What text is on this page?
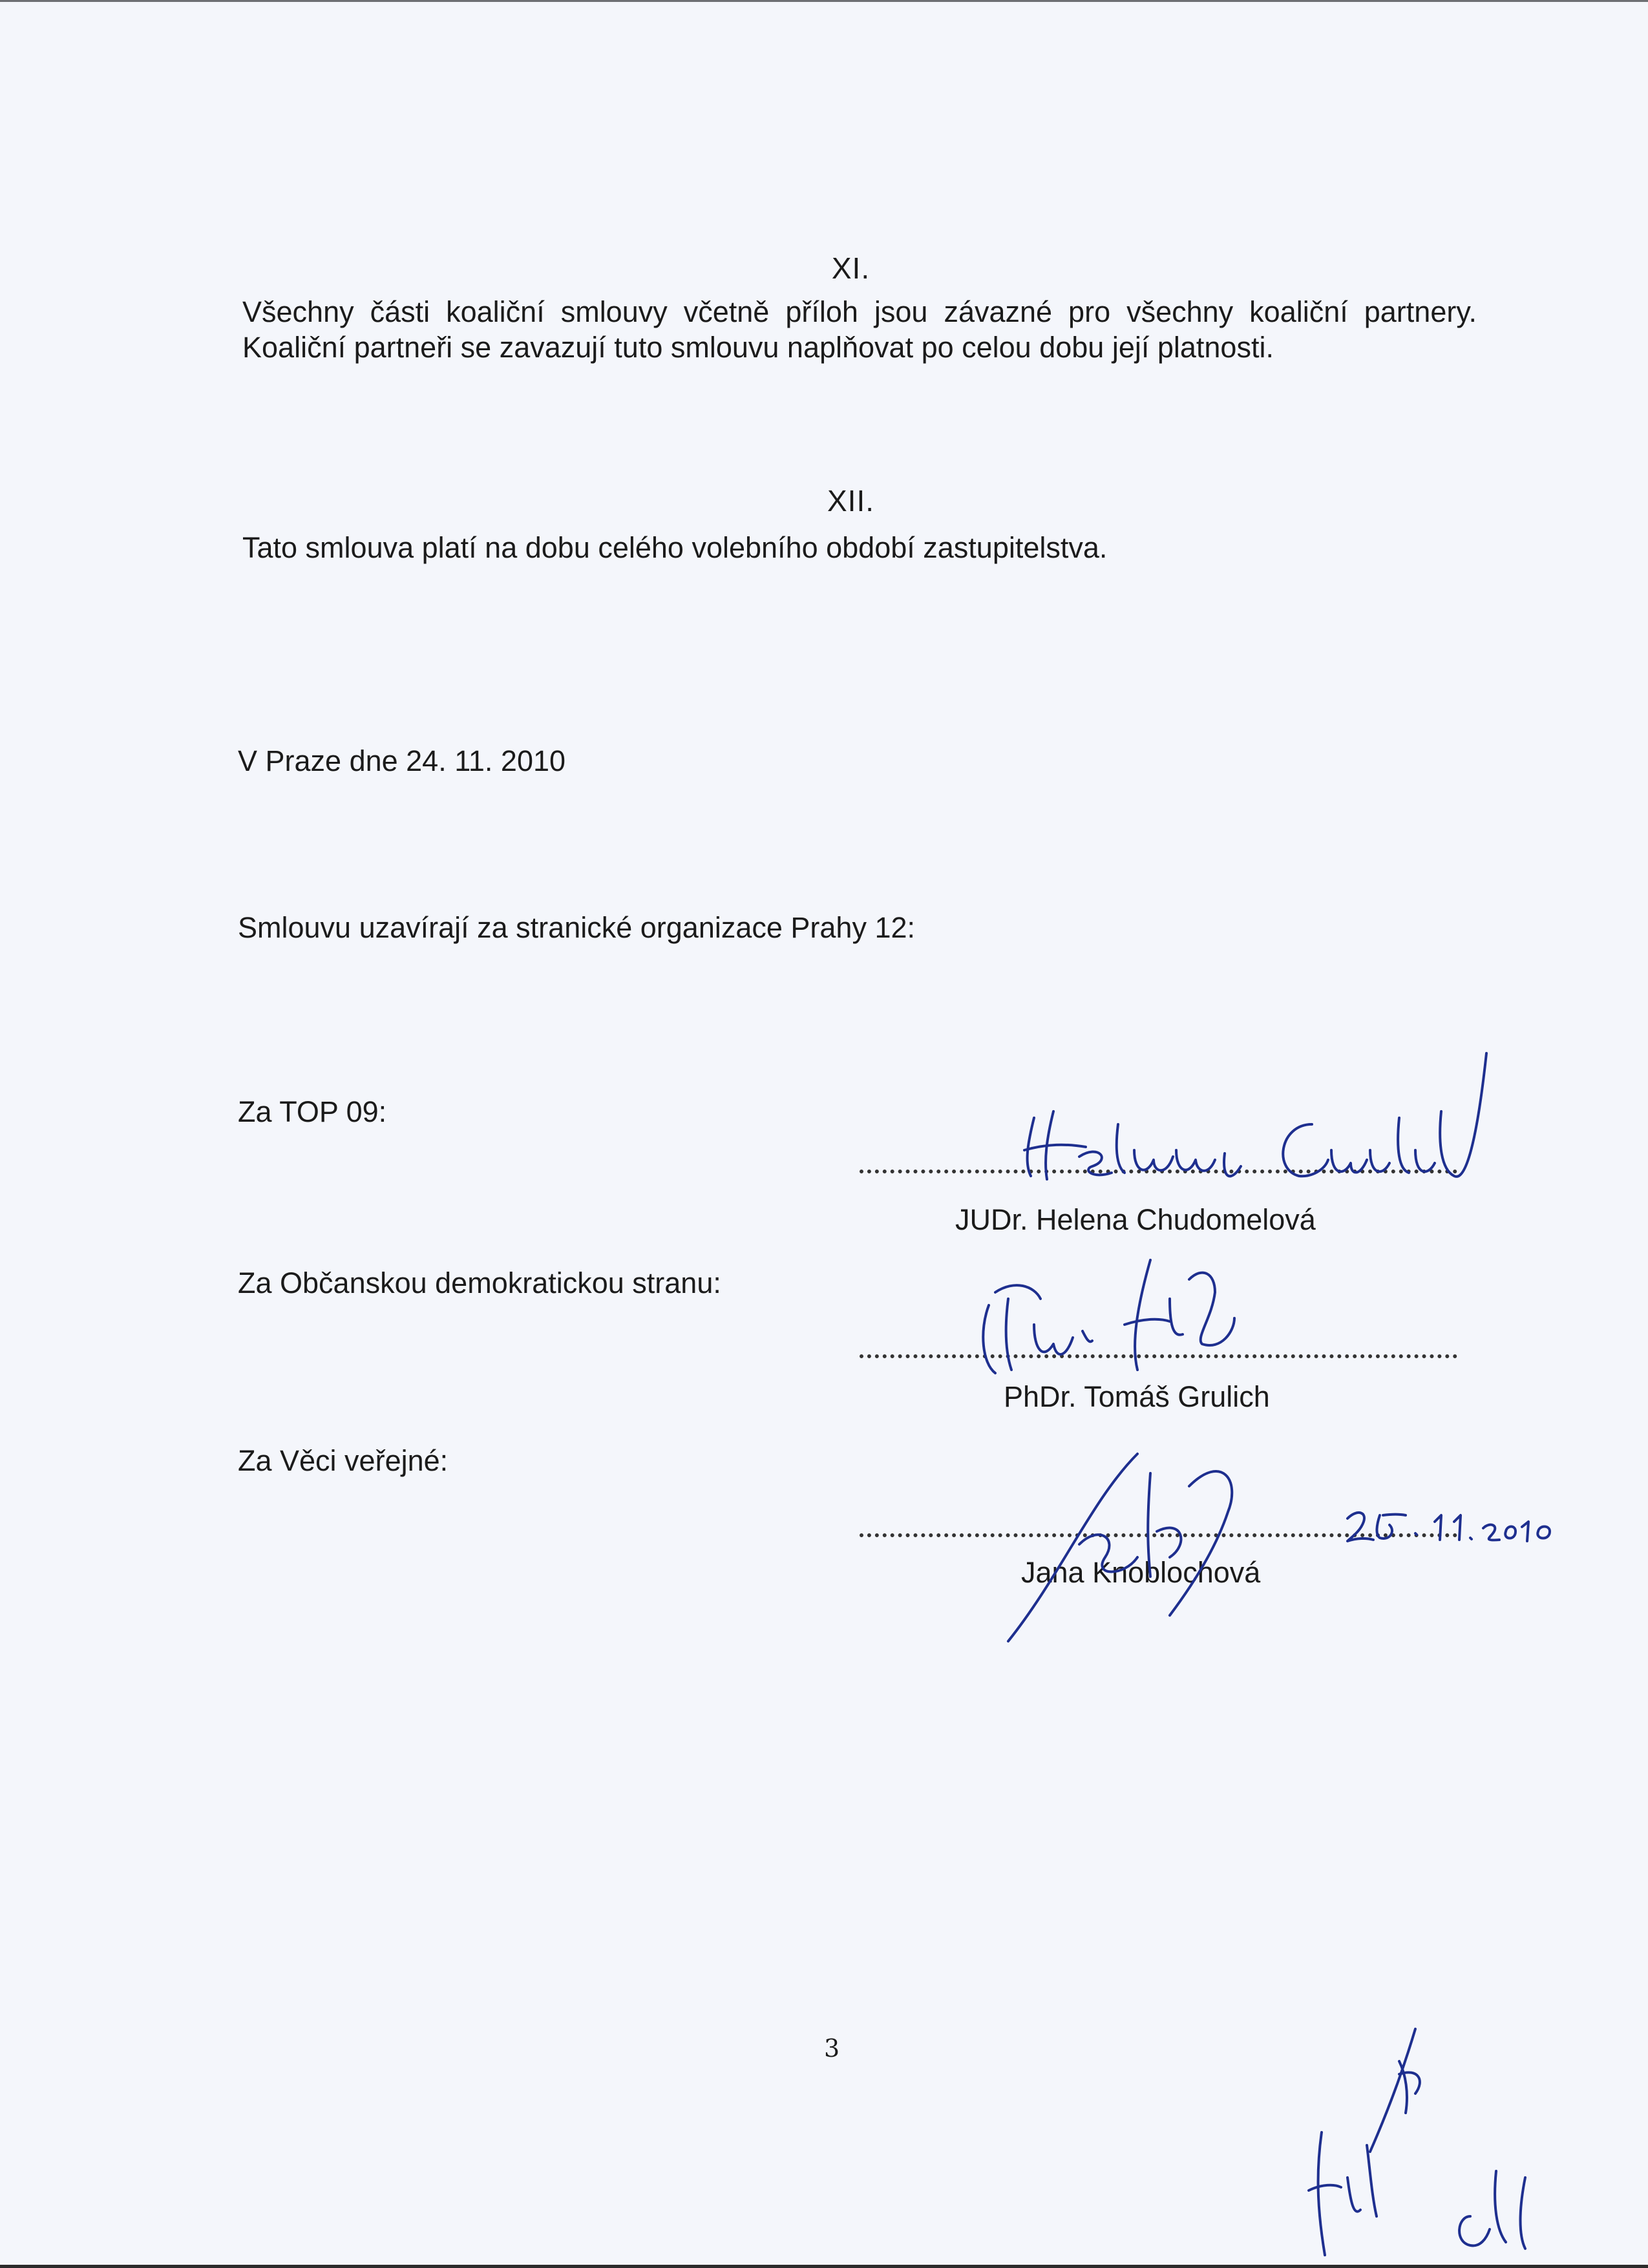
XI.
Všechny části koaliční smlouvy včetně příloh jsou závazné pro všechny koaliční partnery. Koaliční partneři se zavazují tuto smlouvu naplňovat po celou dobu její platnosti.
XII.
Tato smlouva platí na dobu celého volebního období zastupitelstva.
V Praze dne 24. 11. 2010
Smlouvu uzavírají za stranické organizace Prahy 12:
Za TOP 09:
JUDr. Helena Chudomelová
Za Občanskou demokratickou stranu:
PhDr. Tomáš Grulich
Za Věci veřejné:
Jana Knoblochová
25. 11. 2010
3
